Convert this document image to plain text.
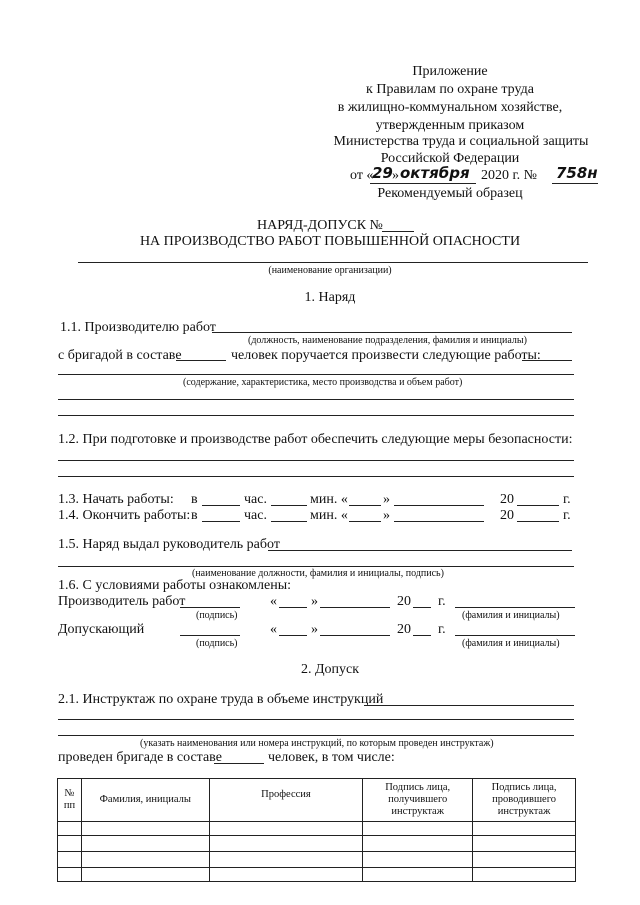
Приложение
к Правилам по охране труда
в жилищно-коммунальном хозяйстве,
утвержденным приказом
Министерства труда и социальной защиты
Российской Федерации
от «
29 » октября 2020 г. № 758н
Рекомендуемый образец
НАРЯД-ДОПУСК №
НА ПРОИЗВОДСТВО РАБОТ ПОВЫШЕННОЙ ОПАСНОСТИ
(наименование организации)
1. Наряд
1.1. Производителю работ
(должность, наименование подразделения, фамилия и инициалы)
с бригадой в составе	человек поручается произвести следующие работы:
(содержание, характеристика, место производства и объем работ)
1.2. При подготовке и производстве работ обеспечить следующие меры безопасности:
1.3. Начать работы: в	час.	мин. «	»	20	г.
1.4. Окончить работы: в	час.	мин. «	»	20	г.
1.5. Наряд выдал руководитель работ
(наименование должности, фамилия и инициалы, подпись)
1.6. С условиями работы ознакомлены:
Производитель работ
(подпись)
« »	20 г.
(фамилия и инициалы)
Допускающий
(подпись)
« »	20 г.
(фамилия и инициалы)
2. Допуск
2.1. Инструктаж по охране труда в объеме инструкций
(указать наименования или номера инструкций, по которым проведен инструктаж)
проведен бригаде в составе	человек, в том числе:
№ пп	Фамилия, инициалы	Профессия	Подпись лица, получившего инструктаж	Подпись лица, проводившего инструктаж
